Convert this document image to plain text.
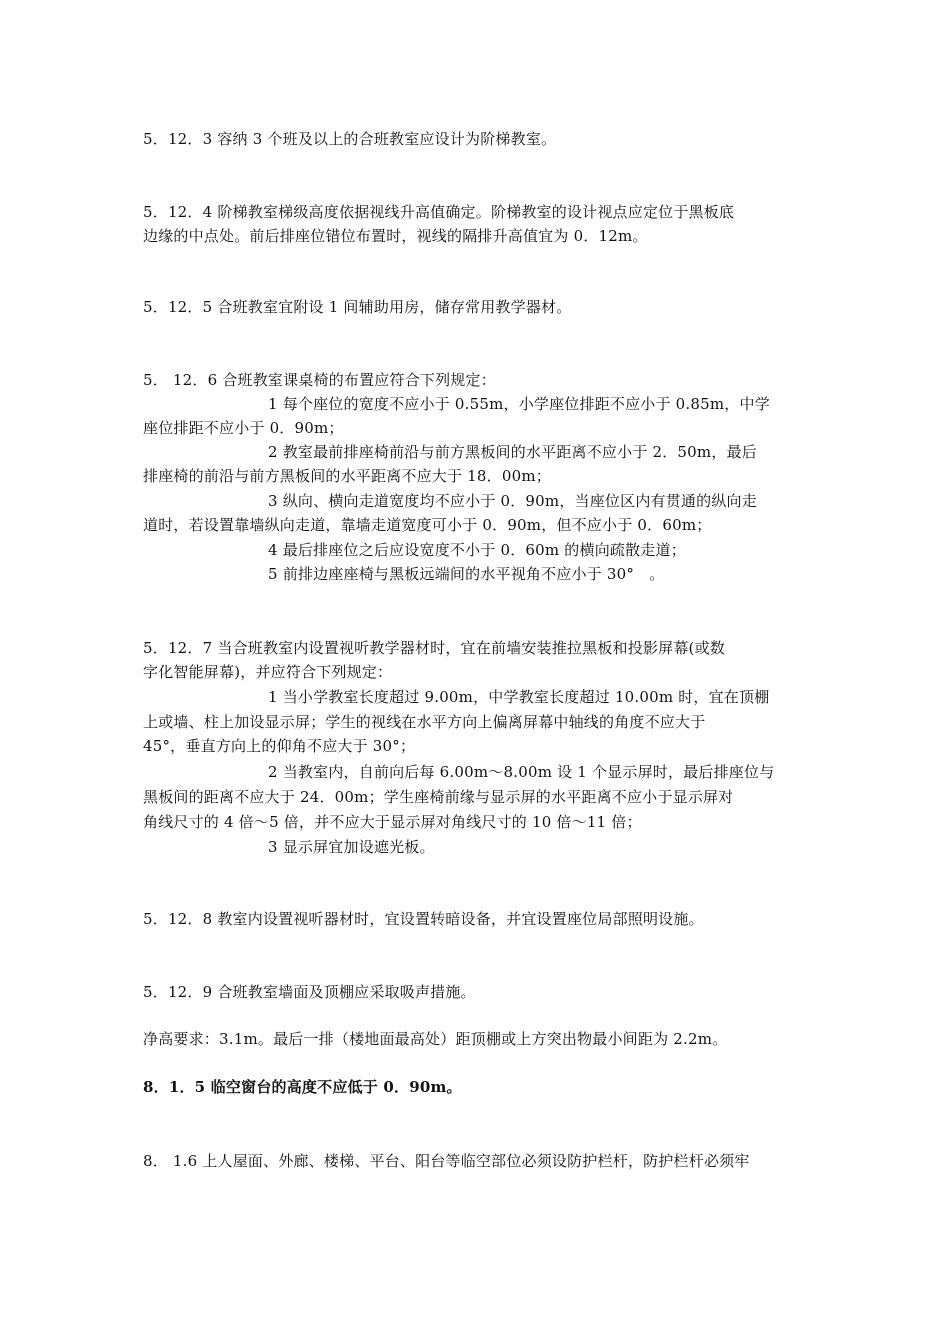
5．12．3 容纳 3 个班及以上的合班教室应设计为阶梯教室。
5．12．4 阶梯教室梯级高度依据视线升高值确定。阶梯教室的设计视点应定位于黑板底
边缘的中点处。前后排座位错位布置时，视线的隔排升高值宜为 0．12m。
5．12．5 合班教室宜附设 1 间辅助用房，储存常用教学器材。
5． 12．6 合班教室课桌椅的布置应符合下列规定：
1 每个座位的宽度不应小于 0.55m，小学座位排距不应小于 0.85m，中学
座位排距不应小于 0．90m；
2 教室最前排座椅前沿与前方黑板间的水平距离不应小于 2．50m，最后
排座椅的前沿与前方黑板间的水平距离不应大于 18．00m；
3 纵向、横向走道宽度均不应小于 0．90m，当座位区内有贯通的纵向走
道时，若设置靠墙纵向走道，靠墙走道宽度可小于 0．90m，但不应小于 0．60m；
4 最后排座位之后应设宽度不小于 0．60m 的横向疏散走道；
5 前排边座座椅与黑板远端间的水平视角不应小于 30°　。
5．12．7 当合班教室内设置视听教学器材时，宜在前墙安装推拉黑板和投影屏幕(或数
字化智能屏幕)，并应符合下列规定：
1 当小学教室长度超过 9.00m，中学教室长度超过 10.00m 时，宜在顶棚
上或墙、柱上加设显示屏；学生的视线在水平方向上偏离屏幕中轴线的角度不应大于
45°，垂直方向上的仰角不应大于 30°；
2 当教室内，自前向后每 6.00m～8.00m 设 1 个显示屏时，最后排座位与
黑板间的距离不应大于 24．00m；学生座椅前缘与显示屏的水平距离不应小于显示屏对
角线尺寸的 4 倍～5 倍，并不应大于显示屏对角线尺寸的 10 倍～11 倍；
3 显示屏宜加设遮光板。
5．12．8 教室内设置视听器材时，宜设置转暗设备，并宜设置座位局部照明设施。
5．12．9 合班教室墙面及顶棚应采取吸声措施。
净高要求：3.1m。最后一排（楼地面最高处）距顶棚或上方突出物最小间距为 2.2m。
8．1．5 临空窗台的高度不应低于 0．90m。
8． 1.6 上人屋面、外廊、楼梯、平台、阳台等临空部位必须设防护栏杆，防护栏杆必须牢
